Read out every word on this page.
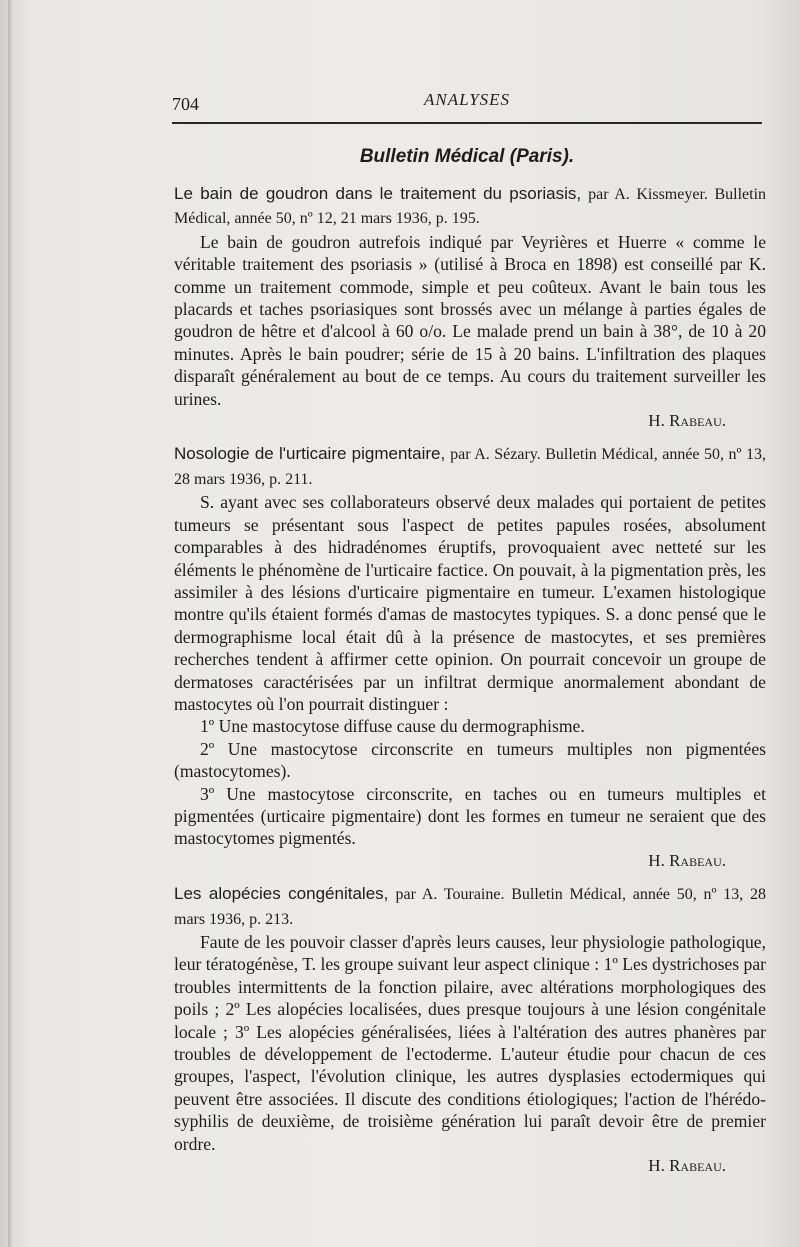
704	ANALYSES
Bulletin Médical (Paris).

Le bain de goudron dans le traitement du psoriasis, par A. Kissmeyer. Bulletin Médical, année 50, nº 12, 21 mars 1936, p. 195.

Le bain de goudron autrefois indiqué par Veyrières et Huerre « comme le véritable traitement des psoriasis » (utilisé à Broca en 1898) est conseillé par K. comme un traitement commode, simple et peu coûteux. Avant le bain tous les placards et taches psoriasiques sont brossés avec un mélange à parties égales de goudron de hêtre et d'alcool à 60 o/o. Le malade prend un bain à 38°, de 10 à 20 minutes. Après le bain poudrer; série de 15 à 20 bains. L'infiltration des plaques disparaît généralement au bout de ce temps. Au cours du traitement surveiller les urines.

H. Rabeau.

Nosologie de l'urticaire pigmentaire, par A. Sézary. Bulletin Médical, année 50, nº 13, 28 mars 1936, p. 211.

S. ayant avec ses collaborateurs observé deux malades qui portaient de petites tumeurs se présentant sous l'aspect de petites papules rosées, absolument comparables à des hidradénomes éruptifs, provoquaient avec netteté sur les éléments le phénomène de l'urticaire factice. On pouvait, à la pigmentation près, les assimiler à des lésions d'urticaire pigmentaire en tumeur. L'examen histologique montre qu'ils étaient formés d'amas de mastocytes typiques. S. a donc pensé que le dermographisme local était dû à la présence de mastocytes, et ses premières recherches tendent à affirmer cette opinion. On pourrait concevoir un groupe de dermatoses caractérisées par un infiltrat dermique anormalement abondant de mastocytes où l'on pourrait distinguer :

1º Une mastocytose diffuse cause du dermographisme.

2º Une mastocytose circonscrite en tumeurs multiples non pigmentées (mastocytomes).

3º Une mastocytose circonscrite, en taches ou en tumeurs multiples et pigmentées (urticaire pigmentaire) dont les formes en tumeur ne seraient que des mastocytomes pigmentés.

H. Rabeau.

Les alopécies congénitales, par A. Touraine. Bulletin Médical, année 50, nº 13, 28 mars 1936, p. 213.

Faute de les pouvoir classer d'après leurs causes, leur physiologie pathologique, leur tératogénèse, T. les groupe suivant leur aspect clinique : 1º Les dystrichoses par troubles intermittents de la fonction pilaire, avec altérations morphologiques des poils ; 2º Les alopécies localisées, dues presque toujours à une lésion congénitale locale ; 3º Les alopécies généralisées, liées à l'altération des autres phanères par troubles de développement de l'ectoderme. L'auteur étudie pour chacun de ces groupes, l'aspect, l'évolution clinique, les autres dysplasies ectodermiques qui peuvent être associées. Il discute des conditions étiologiques; l'action de l'hérédo-syphilis de deuxième, de troisième génération lui paraît devoir être de premier ordre.

H. Rabeau.
